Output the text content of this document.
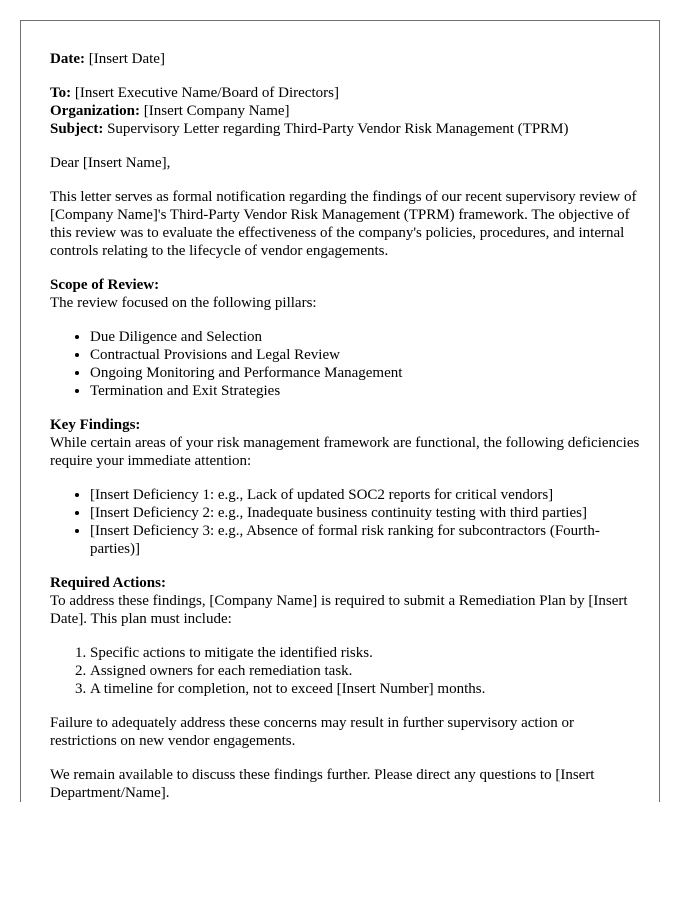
Date: [Insert Date]

To: [Insert Executive Name/Board of Directors]

Organization: [Insert Company Name]

Subject: Supervisory Letter regarding Third-Party Vendor Risk Management (TPRM)

Dear [Insert Name],

This letter serves as formal notification regarding the findings of our recent supervisory review of [Company Name]'s Third-Party Vendor Risk Management (TPRM) framework. The objective of this review was to evaluate the effectiveness of the company's policies, procedures, and internal controls relating to the lifecycle of vendor engagements.

Scope of Review:

The review focused on the following pillars:

• Due Diligence and Selection
• Contractual Provisions and Legal Review
• Ongoing Monitoring and Performance Management
• Termination and Exit Strategies
Key Findings:

While certain areas of your risk management framework are functional, the following deficiencies require your immediate attention:

• [Insert Deficiency 1: e.g., Lack of updated SOC2 reports for critical vendors]
• [Insert Deficiency 2: e.g., Inadequate business continuity testing with third parties]
• [Insert Deficiency 3: e.g., Absence of formal risk ranking for subcontractors (Fourth-parties)]
Required Actions:

To address these findings, [Company Name] is required to submit a Remediation Plan by [Insert Date]. This plan must include:

1. Specific actions to mitigate the identified risks.
2. Assigned owners for each remediation task.
3. A timeline for completion, not to exceed [Insert Number] months.

Failure to adequately address these concerns may result in further supervisory action or restrictions on new vendor engagements.

We remain available to discuss these findings further. Please direct any questions to [Insert Department/Name].
